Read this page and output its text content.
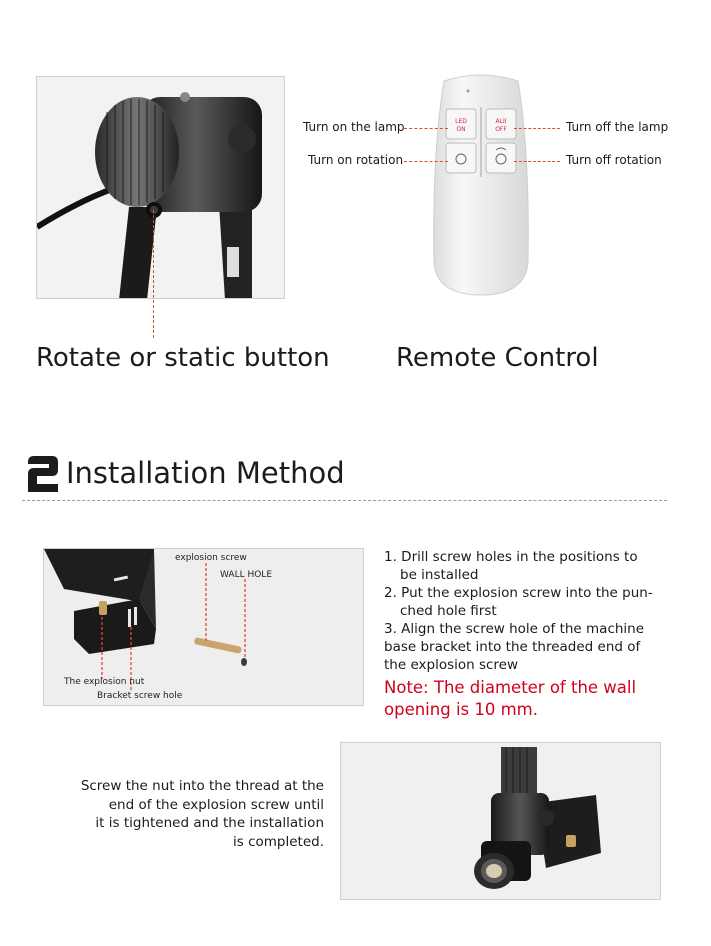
Rotate or static button	Remote Control
LED
ON
ALII
OFF
Turn on the lamp
Turn on rotation
Turn off the lamp
Turn off rotation
2 Installation Method
explosion screw
WALL HOLE
The explosion nut
Bracket screw hole
1. Drill screw holes in the positions to
be installed
2. Put the explosion screw into the pun-
ched hole first
3. Align the screw hole of the machine
base bracket into the threaded end of
the explosion screw
Note: The diameter of the wall
opening is 10 mm.
Screw the nut into the thread at the
end of the explosion screw until
it is tightened and the installation
is completed.
